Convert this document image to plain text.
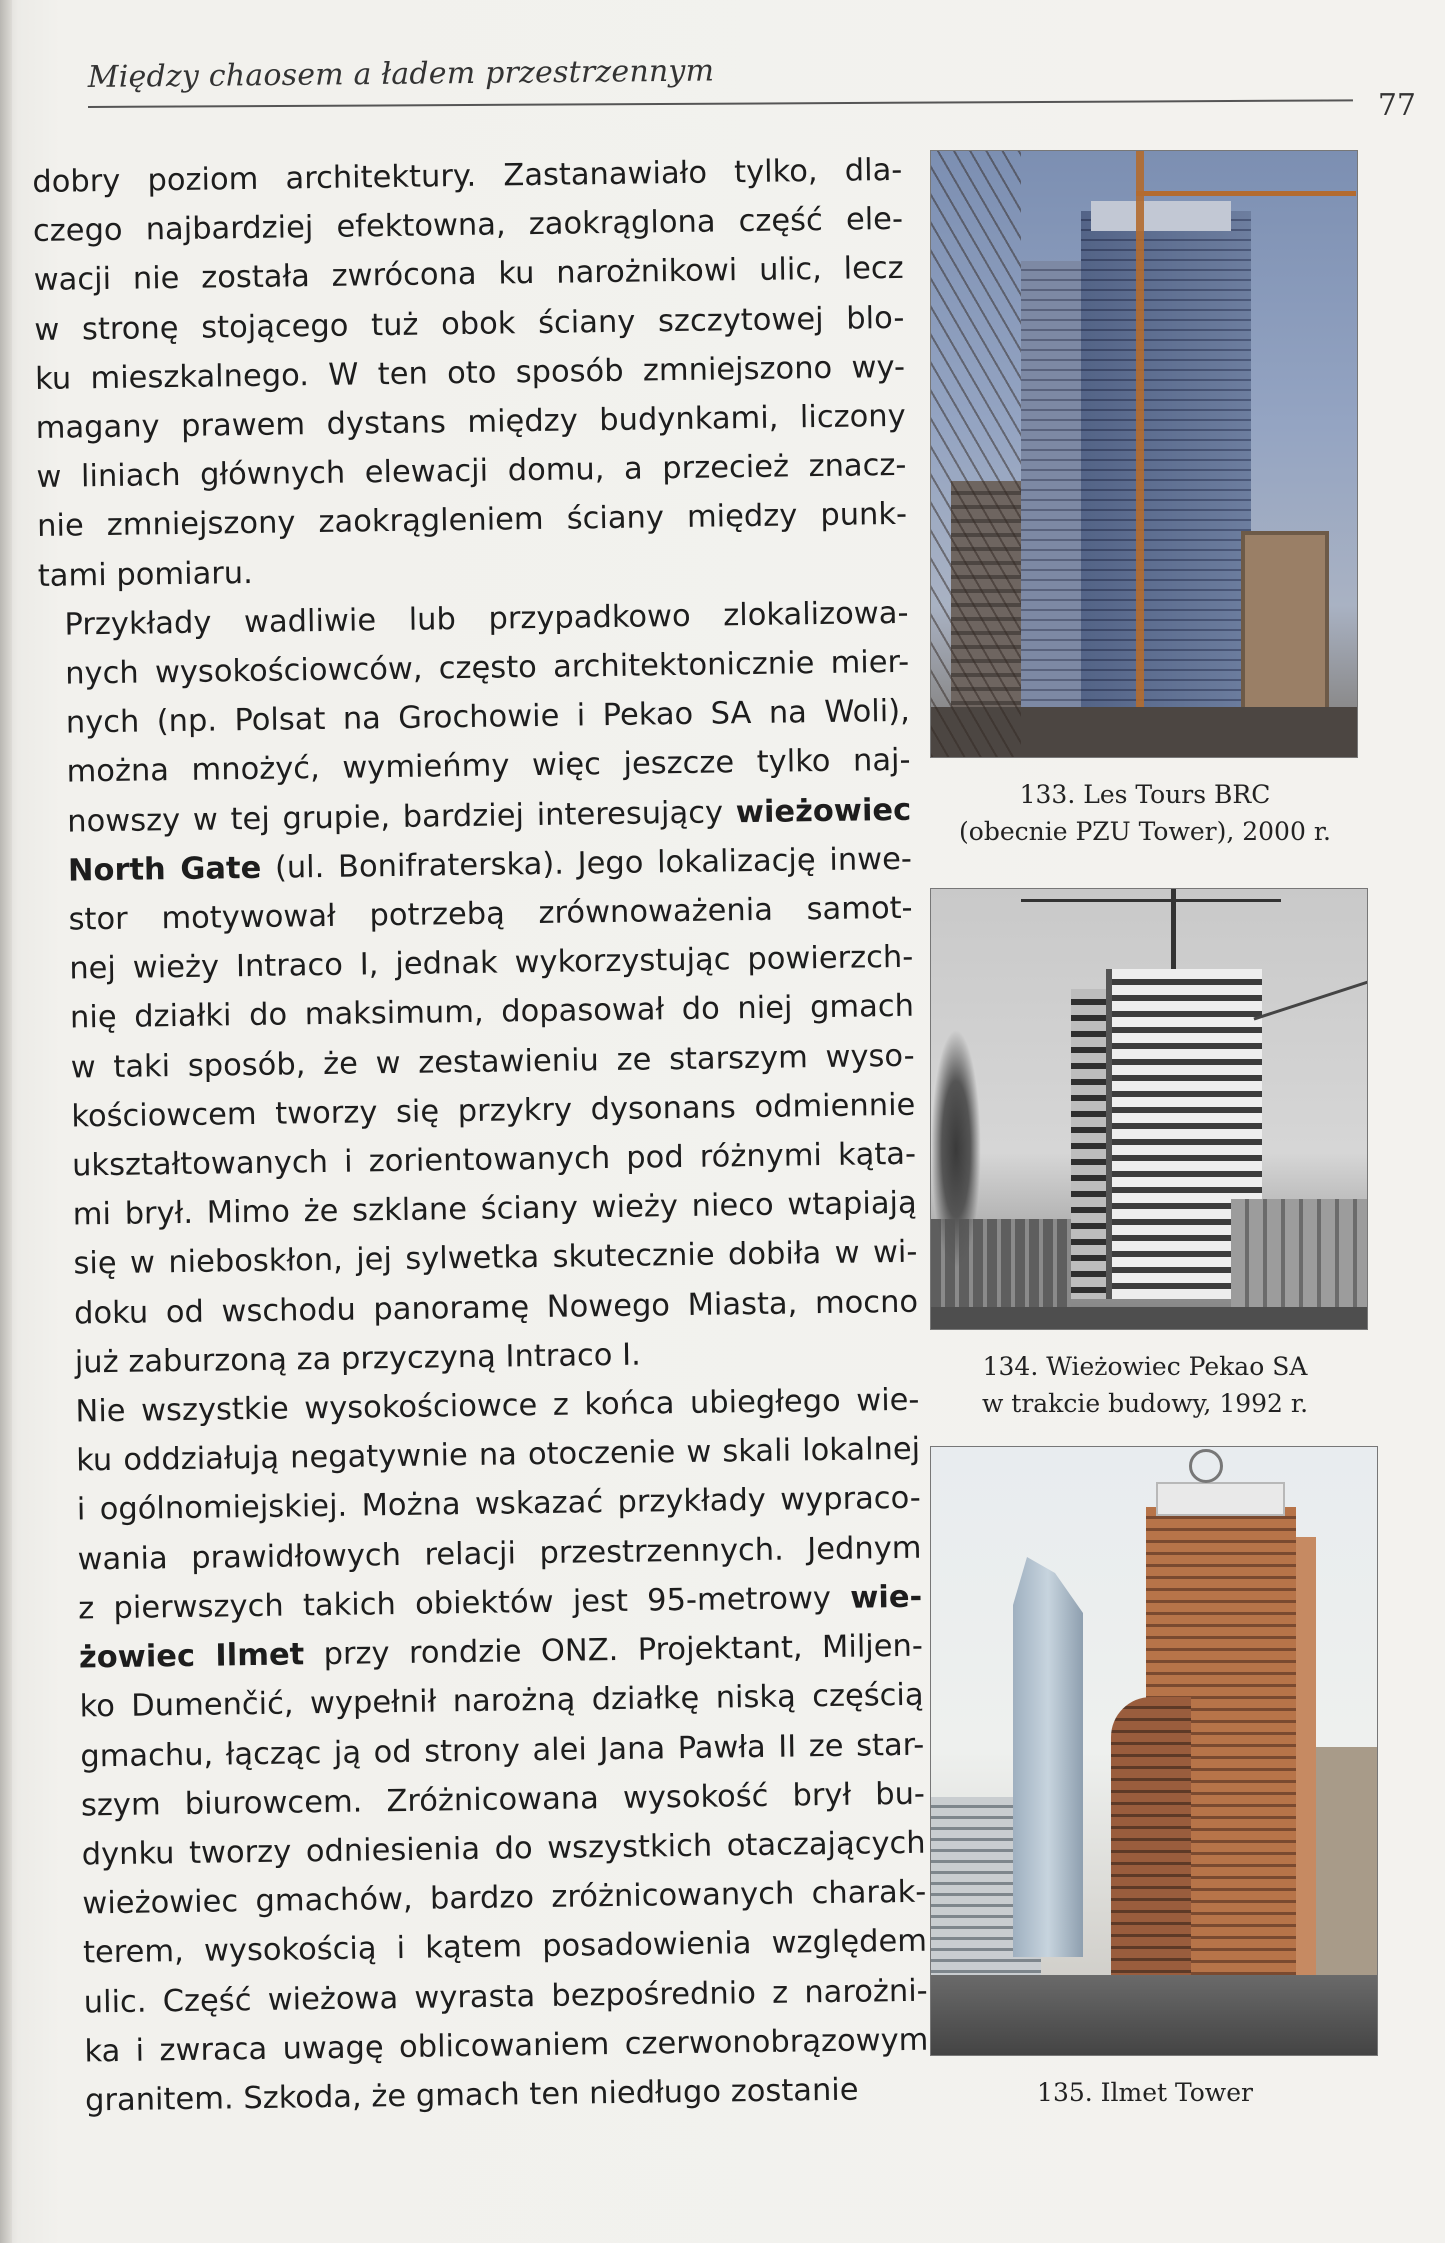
Między chaosem a ładem przestrzennym
77

dobry poziom architektury. Zastanawiało tylko, dla-
czego najbardziej efektowna, zaokrąglona część ele-
wacji nie została zwrócona ku narożnikowi ulic, lecz
w stronę stojącego tuż obok ściany szczytowej blo-
ku mieszkalnego. W ten oto sposób zmniejszono wy-
magany prawem dystans między budynkami, liczony
w liniach głównych elewacji domu, a przecież znacz-
nie zmniejszony zaokrągleniem ściany między punk-
tami pomiaru.

Przykłady wadliwie lub przypadkowo zlokalizowa-
nych wysokościowców, często architektonicznie mier-
nych (np. Polsat na Grochowie i Pekao SA na Woli),
można mnożyć, wymieńmy więc jeszcze tylko naj-
nowszy w tej grupie, bardziej interesujący wieżowiec
North Gate (ul. Bonifraterska). Jego lokalizację inwe-
stor motywował potrzebą zrównoważenia samot-
nej wieży Intraco I, jednak wykorzystując powierzch-
nię działki do maksimum, dopasował do niej gmach
w taki sposób, że w zestawieniu ze starszym wyso-
kościowcem tworzy się przykry dysonans odmiennie
ukształtowanych i zorientowanych pod różnymi kąta-
mi brył. Mimo że szklane ściany wieży nieco wtapiają
się w nieboskłon, jej sylwetka skutecznie dobiła w wi-
doku od wschodu panoramę Nowego Miasta, mocno
już zaburzoną za przyczyną Intraco I.

Nie wszystkie wysokościowce z końca ubiegłego wie-
ku oddziałują negatywnie na otoczenie w skali lokalnej
i ogólnomiejskiej. Można wskazać przykłady wypraco-
wania prawidłowych relacji przestrzennych. Jednym
z pierwszych takich obiektów jest 95-metrowy wie-
żowiec Ilmet przy rondzie ONZ. Projektant, Miljen-
ko Dumenčić, wypełnił narożną działkę niską częścią
gmachu, łącząc ją od strony alei Jana Pawła II ze star-
szym biurowcem. Zróżnicowana wysokość brył bu-
dynku tworzy odniesienia do wszystkich otaczających
wieżowiec gmachów, bardzo zróżnicowanych charak-
terem, wysokością i kątem posadowienia względem
ulic. Część wieżowa wyrasta bezpośrednio z narożni-
ka i zwraca uwagę oblicowaniem czerwonobrązowym
granitem. Szkoda, że gmach ten niedługo zostanie

133. Les Tours BRC
(obecnie PZU Tower), 2000 r.
134. Wieżowiec Pekao SA
w trakcie budowy, 1992 r.
135. Ilmet Tower
